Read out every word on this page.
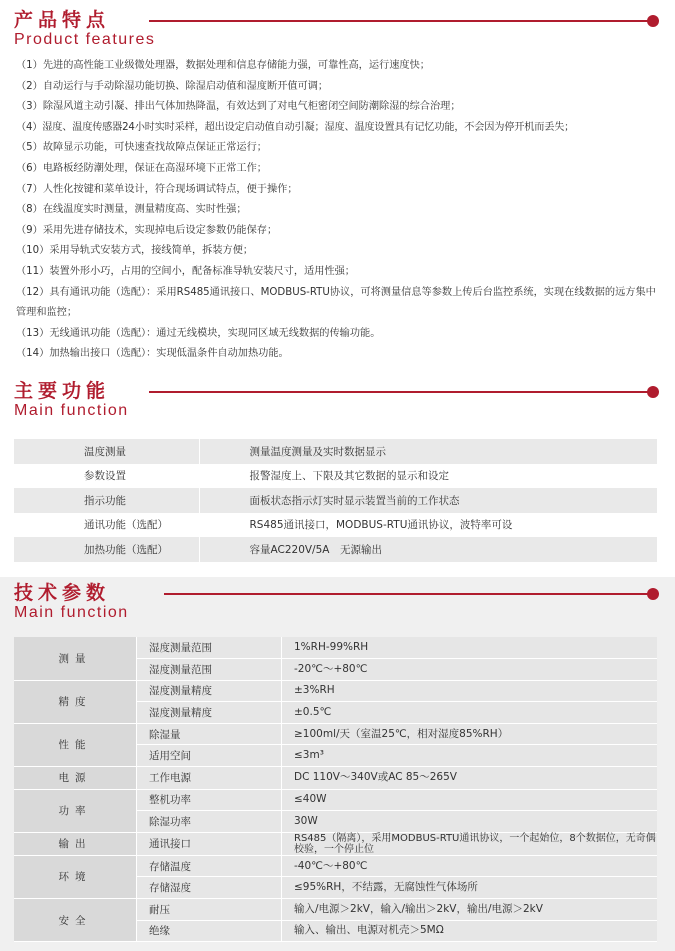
产品特点
Product features

（1）先进的高性能工业级微处理器，数据处理和信息存储能力强，可靠性高，运行速度快；

（2）自动运行与手动除湿功能切换、除湿启动值和湿度断开值可调；

（3）除湿风道主动引凝、排出气体加热降温，有效达到了对电气柜密闭空间防潮除湿的综合治理；

（4）湿度、温度传感器24小时实时采样，超出设定启动值自动引凝；湿度、温度设置具有记忆功能，不会因为停开机而丢失；

（5）故障显示功能，可快速查找故障点保证正常运行；

（6）电路板经防潮处理，保证在高湿环境下正常工作；

（7）人性化按键和菜单设计，符合现场调试特点，便于操作；

（8）在线温度实时测量，测量精度高、实时性强；

（9）采用先进存储技术，实现掉电后设定参数仍能保存；

（10）采用导轨式安装方式，接线简单，拆装方便；

（11）装置外形小巧，占用的空间小，配备标准导轨安装尺寸，适用性强；

（12）具有通讯功能（选配）：采用RS485通讯接口、MODBUS-RTU协议，可将测量信息等参数上传后台监控系统，实现在线数据的远方集中管理和监控；

（13）无线通讯功能（选配）：通过无线模块，实现同区域无线数据的传输功能。

（14）加热输出接口（选配）：实现低温条件自动加热功能。

主要功能
Main function
温度测量	测量温度测量及实时数据显示
参数设置	报警湿度上、下限及其它数据的显示和设定
指示功能	面板状态指示灯实时显示装置当前的工作状态
通讯功能（选配）	RS485通讯接口，MODBUS-RTU通讯协议，波特率可设
加热功能（选配）	容量AC220V/5A　无源输出
技术参数
Main function
测量	湿度测量范围	1%RH-99%RH
	湿度测量范围	-20℃～+80℃
精度	湿度测量精度	±3%RH
	湿度测量精度	±0.5℃
性能	除湿量	≥100ml/天（室温25℃，相对湿度85%RH）
	适用空间	≤3m³
电源	工作电源	DC 110V～340V或AC 85～265V
功率	整机功率	≤40W
	除湿功率	30W
输出	通讯接口	RS485（隔离），采用MODBUS-RTU通讯协议，一个起始位，8个数据位，无奇偶校验，一个停止位
环境	存储温度	-40℃～+80℃
	存储湿度	≤95%RH，不结露，无腐蚀性气体场所
安全	耐压	输入/电源＞2kV，输入/输出＞2kV，输出/电源＞2kV
	绝缘	输入、输出、电源对机壳＞5MΩ
